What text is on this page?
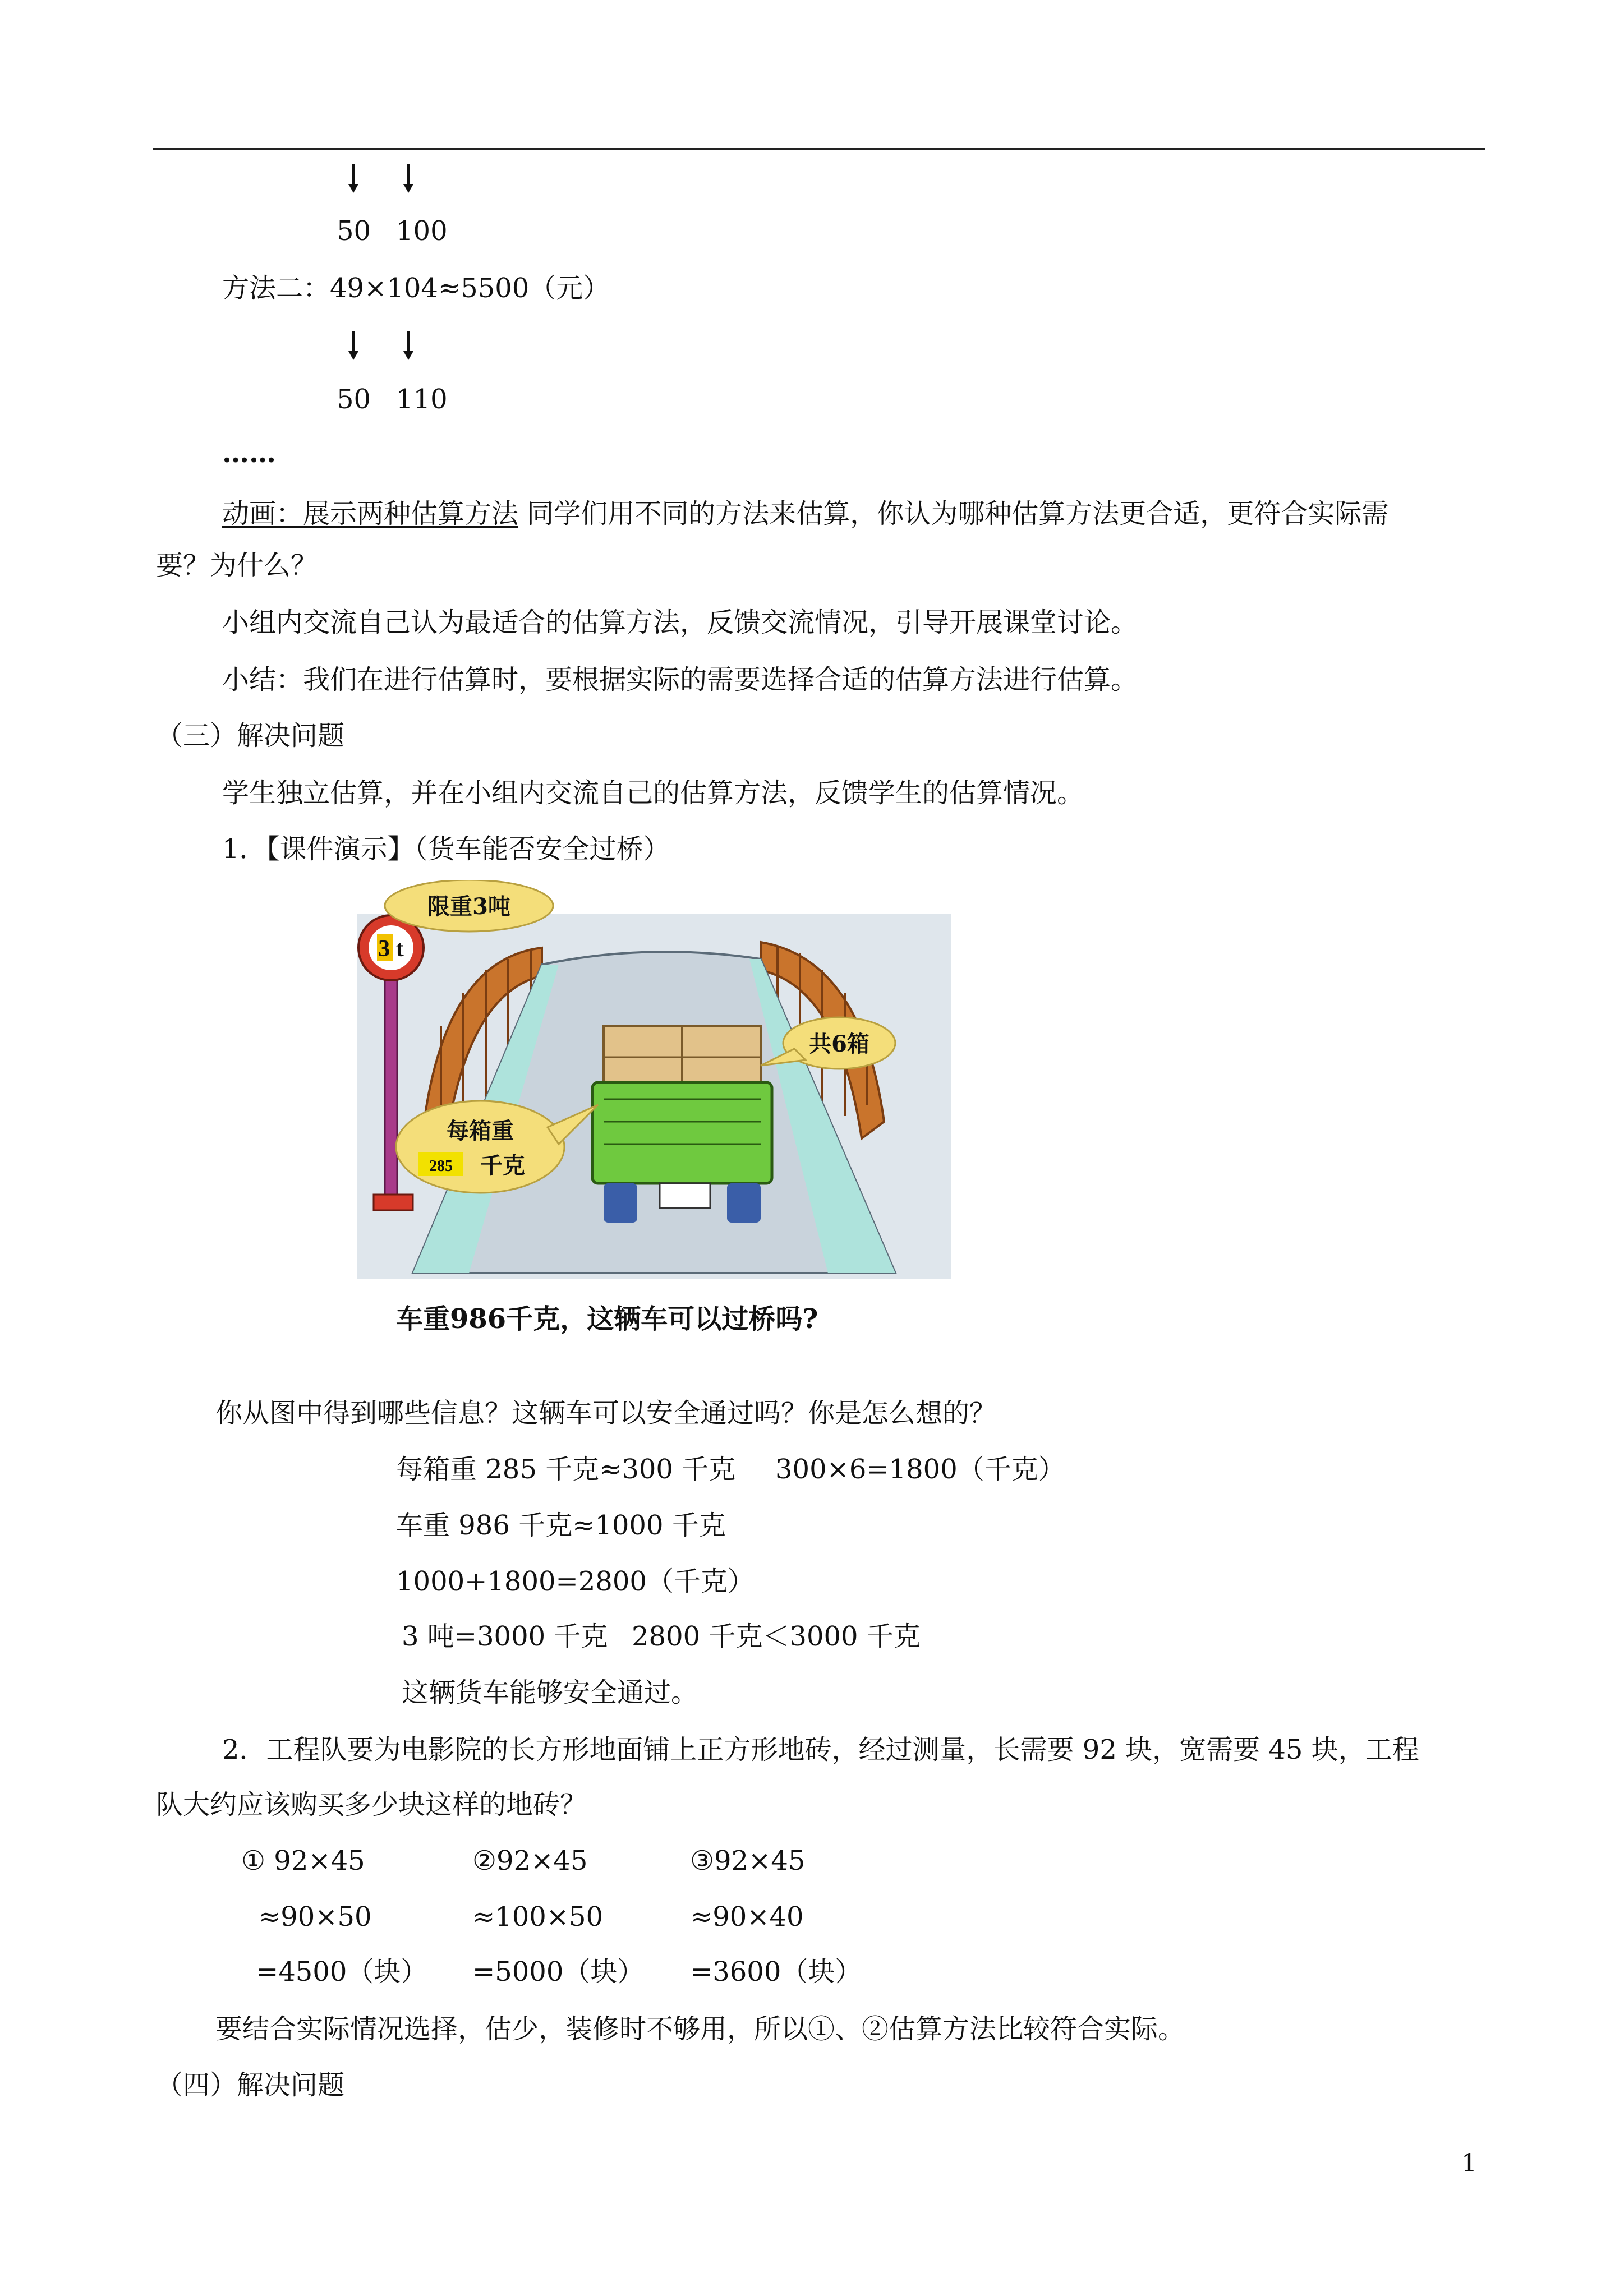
50 100
方法二：49×104≈5500（元）
50 110
……
动画：展示两种估算方法 同学们用不同的方法来估算，你认为哪种估算方法更合适，更符合实际需
要？为什么？
小组内交流自己认为最适合的估算方法，反馈交流情况，引导开展课堂讨论。
小结：我们在进行估算时，要根据实际的需要选择合适的估算方法进行估算。
（三）解决问题
学生独立估算，并在小组内交流自己的估算方法，反馈学生的估算情况。
1．【课件演示】（货车能否安全过桥）
3 t
限重3吨
共6箱
每箱重
285 千克
车重986千克，这辆车可以过桥吗?
你从图中得到哪些信息？这辆车可以安全通过吗？你是怎么想的？
每箱重 285 千克≈300 千克 300×6=1800（千克）
车重 986 千克≈1000 千克
1000+1800=2800（千克）
3 吨=3000 千克 2800 千克＜3000 千克
这辆货车能够安全通过。
2．工程队要为电影院的长方形地面铺上正方形地砖，经过测量，长需要 92 块，宽需要 45 块，工程
队大约应该购买多少块这样的地砖？
① 92×45
≈90×50
=4500（块）
②92×45
≈100×50
=5000（块）
③92×45
≈90×40
=3600（块）
要结合实际情况选择，估少，装修时不够用，所以①、②估算方法比较符合实际。
（四）解决问题
1
